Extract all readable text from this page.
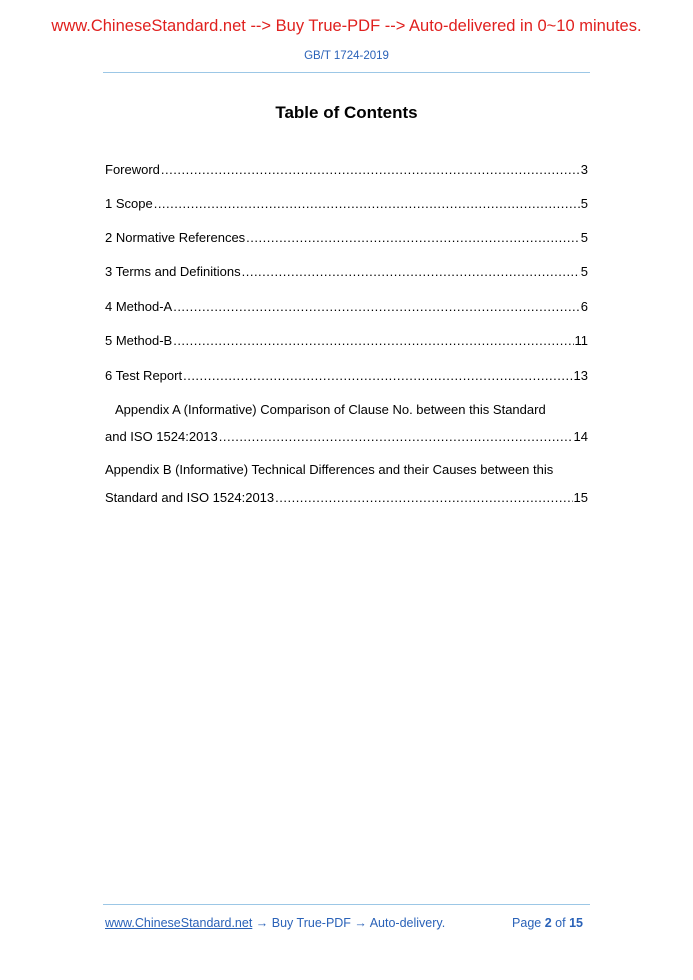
www.ChineseStandard.net --> Buy True-PDF --> Auto-delivered in 0~10 minutes.
GB/T 1724-2019
Table of Contents
Foreword .....	3
1 Scope .....	5
2 Normative References .....	5
3 Terms and Definitions .....	5
4 Method-A .....	6
5 Method-B .....	11
6 Test Report .....	13
Appendix A (Informative) Comparison of Clause No. between this Standard
and ISO 1524:2013 .....	14
Appendix B (Informative) Technical Differences and their Causes between this
Standard and ISO 1524:2013 .....	15
www.ChineseStandard.net → Buy True-PDF → Auto-delivery.	Page 2 of 15
